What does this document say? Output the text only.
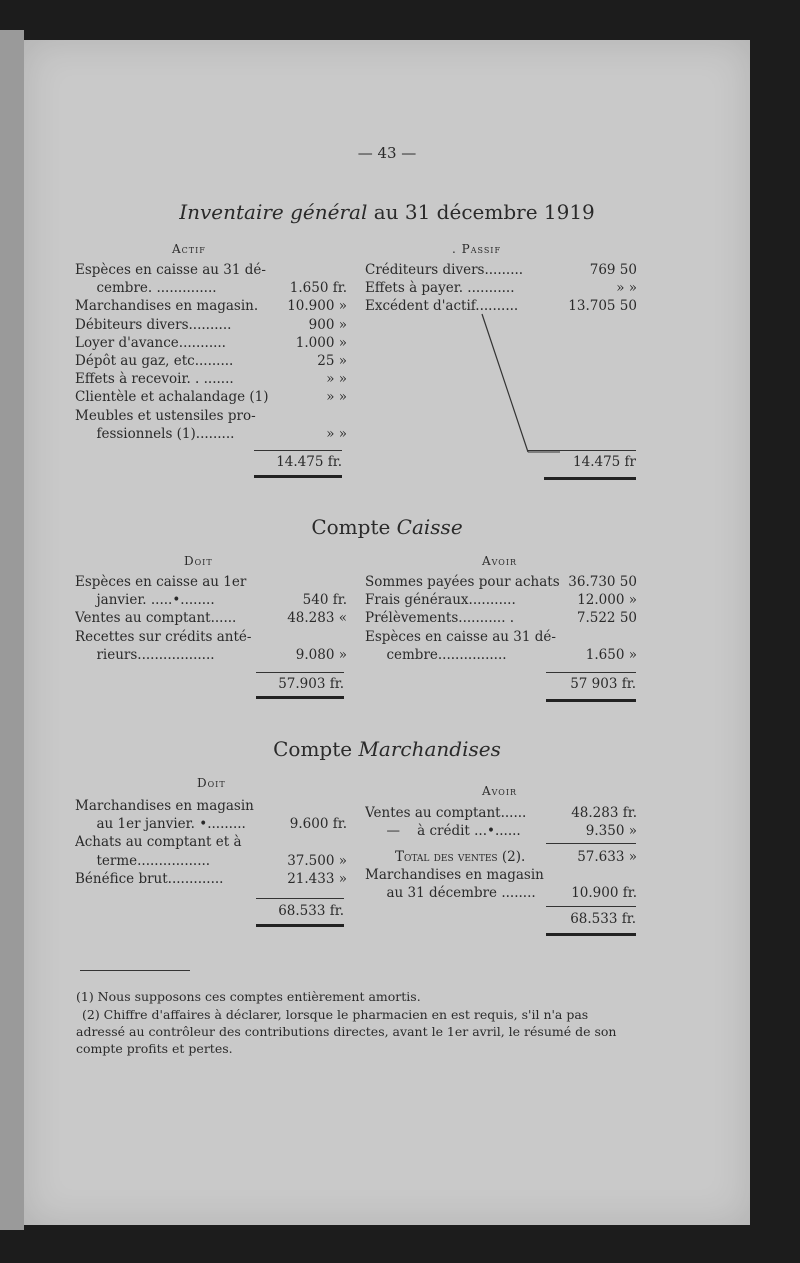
— 43 —
Inventaire général au 31 décembre 1919
Actif	. Passif
Espèces en caisse au 31 dé-
cembre. ..............	1.650 fr.
Marchandises en magasin.	10.900 »
Débiteurs divers..........	900 »
Loyer d'avance...........	1.000 »
Dépôt au gaz, etc.........	25 »
Effets à recevoir. . .......	» »
Clientèle et achalandage (1)	» »
Meubles et ustensiles pro-
fessionnels (1).........	» »
14.475 fr.
Créditeurs divers.........	769 50
Effets à payer. ...........	» »
Excédent d'actif..........	13.705 50
14.475 fr
Compte Caisse
Doit	Avoir
Espèces en caisse au 1er
janvier. .....•........	540 fr.
Ventes au comptant......	48.283 «
Recettes sur crédits anté-
rieurs..................	9.080 »
57.903 fr.
Sommes payées pour achats 36.730 50
Frais généraux...........	12.000 »
Prélèvements........... .	7.522 50
Espèces en caisse au 31 dé-
cembre................	1.650 »
57 903 fr.
Compte Marchandises
Doit
Avoir
Marchandises en magasin
au 1er janvier. •.........	9.600 fr.
Achats au comptant et à
terme.................	37.500 »
Bénéfice brut.............	21.433 »
68.533 fr.
Ventes au comptant......	48.283 fr.
—    à crédit ...•......	9.350 »
Total des ventes (2).	57.633 »
Marchandises en magasin
au 31 décembre ........	10.900 fr.
68.533 fr.
(1) Nous supposons ces comptes entièrement amortis.
(2) Chiffre d'affaires à déclarer, lorsque le pharmacien en est requis, s'il n'a pas adressé au contrôleur des contributions directes, avant le 1er avril, le résumé de son compte profits et pertes.
